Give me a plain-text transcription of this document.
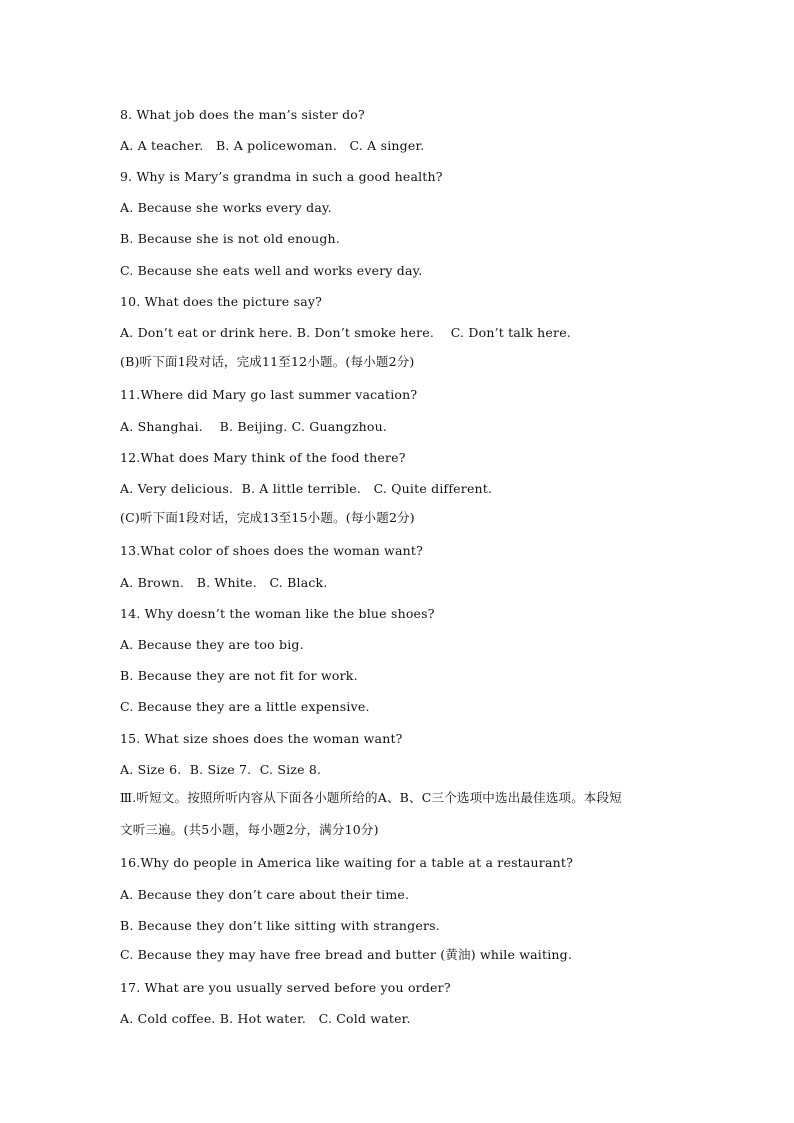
8. What job does the man’s sister do?
A. A teacher.   B. A policewoman.   C. A singer.
9. Why is Mary’s grandma in such a good health?
A. Because she works every day.
B. Because she is not old enough.
C. Because she eats well and works every day.
10. What does the picture say?
A. Don’t eat or drink here. B. Don’t smoke here.    C. Don’t talk here.
(B)听下面1段对话，完成11至12小题。(每小题2分)
11.Where did Mary go last summer vacation?
A. Shanghai.    B. Beijing. C. Guangzhou.
12.What does Mary think of the food there?
A. Very delicious.  B. A little terrible.   C. Quite different.
(C)听下面1段对话，完成13至15小题。(每小题2分)
13.What color of shoes does the woman want?
A. Brown.   B. White.   C. Black.
14. Why doesn’t the woman like the blue shoes?
A. Because they are too big.
B. Because they are not fit for work.
C. Because they are a little expensive.
15. What size shoes does the woman want?
A. Size 6.  B. Size 7.  C. Size 8.
Ⅲ.听短文。按照所听内容从下面各小题所给的A、B、C三个选项中选出最佳选项。本段短
文听三遍。(共5小题，每小题2分，满分10分)
16.Why do people in America like waiting for a table at a restaurant?
A. Because they don’t care about their time.
B. Because they don’t like sitting with strangers.
C. Because they may have free bread and butter (黄油) while waiting.
17. What are you usually served before you order?
A. Cold coffee. B. Hot water.   C. Cold water.
